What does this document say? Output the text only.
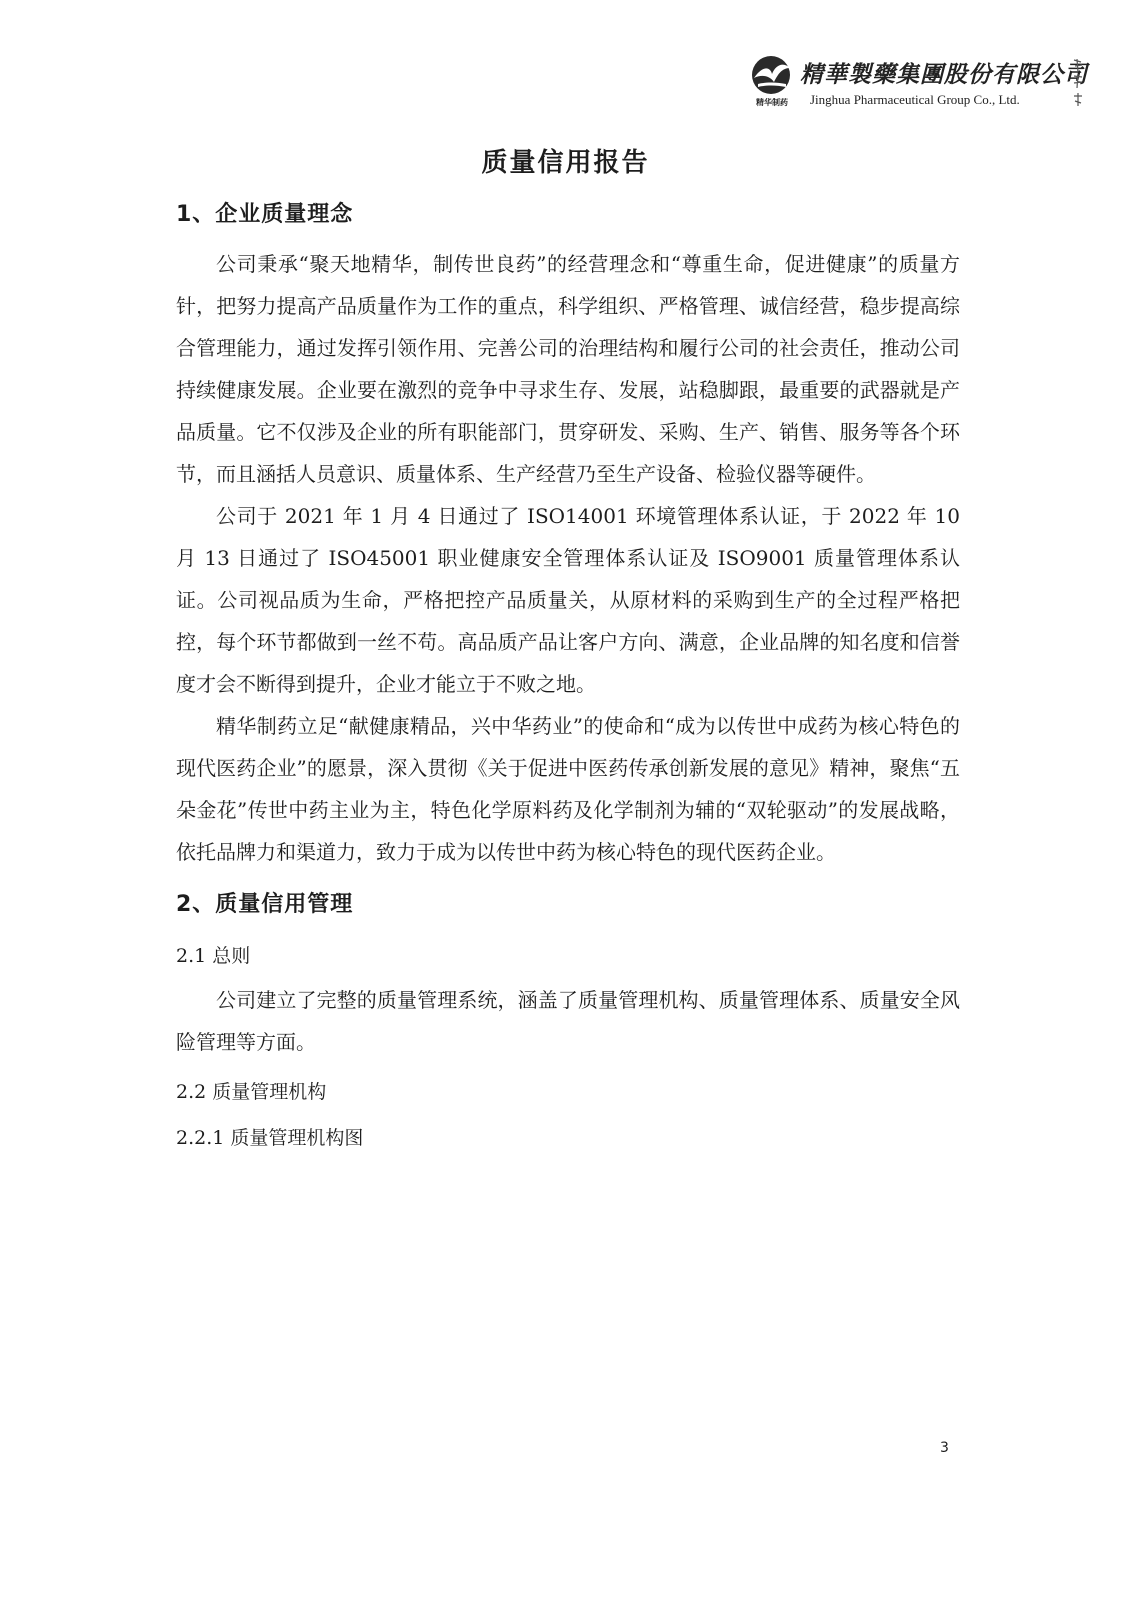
精华制药
精華製藥集團股份有限公司
Jinghua Pharmaceutical Group Co., Ltd.
质量信用报告
1、企业质量理念

公司秉承“聚天地精华，制传世良药”的经营理念和“尊重生命，促进健康”的质量方针，把努力提高产品质量作为工作的重点，科学组织、严格管理、诚信经营，稳步提高综合管理能力，通过发挥引领作用、完善公司的治理结构和履行公司的社会责任，推动公司持续健康发展。企业要在激烈的竞争中寻求生存、发展，站稳脚跟，最重要的武器就是产品质量。它不仅涉及企业的所有职能部门，贯穿研发、采购、生产、销售、服务等各个环节，而且涵括人员意识、质量体系、生产经营乃至生产设备、检验仪器等硬件。

公司于 2021 年 1 月 4 日通过了 ISO14001 环境管理体系认证，于 2022 年 10 月 13 日通过了 ISO45001 职业健康安全管理体系认证及 ISO9001 质量管理体系认证。公司视品质为生命，严格把控产品质量关，从原材料的采购到生产的全过程严格把控，每个环节都做到一丝不苟。高品质产品让客户方向、满意，企业品牌的知名度和信誉度才会不断得到提升，企业才能立于不败之地。

精华制药立足“献健康精品，兴中华药业”的使命和“成为以传世中成药为核心特色的现代医药企业”的愿景，深入贯彻《关于促进中医药传承创新发展的意见》精神，聚焦“五朵金花”传世中药主业为主，特色化学原料药及化学制剂为辅的“双轮驱动”的发展战略，依托品牌力和渠道力，致力于成为以传世中药为核心特色的现代医药企业。

2、质量信用管理
2.1 总则

公司建立了完整的质量管理系统，涵盖了质量管理机构、质量管理体系、质量安全风险管理等方面。

2.2 质量管理机构
2.2.1 质量管理机构图
3
